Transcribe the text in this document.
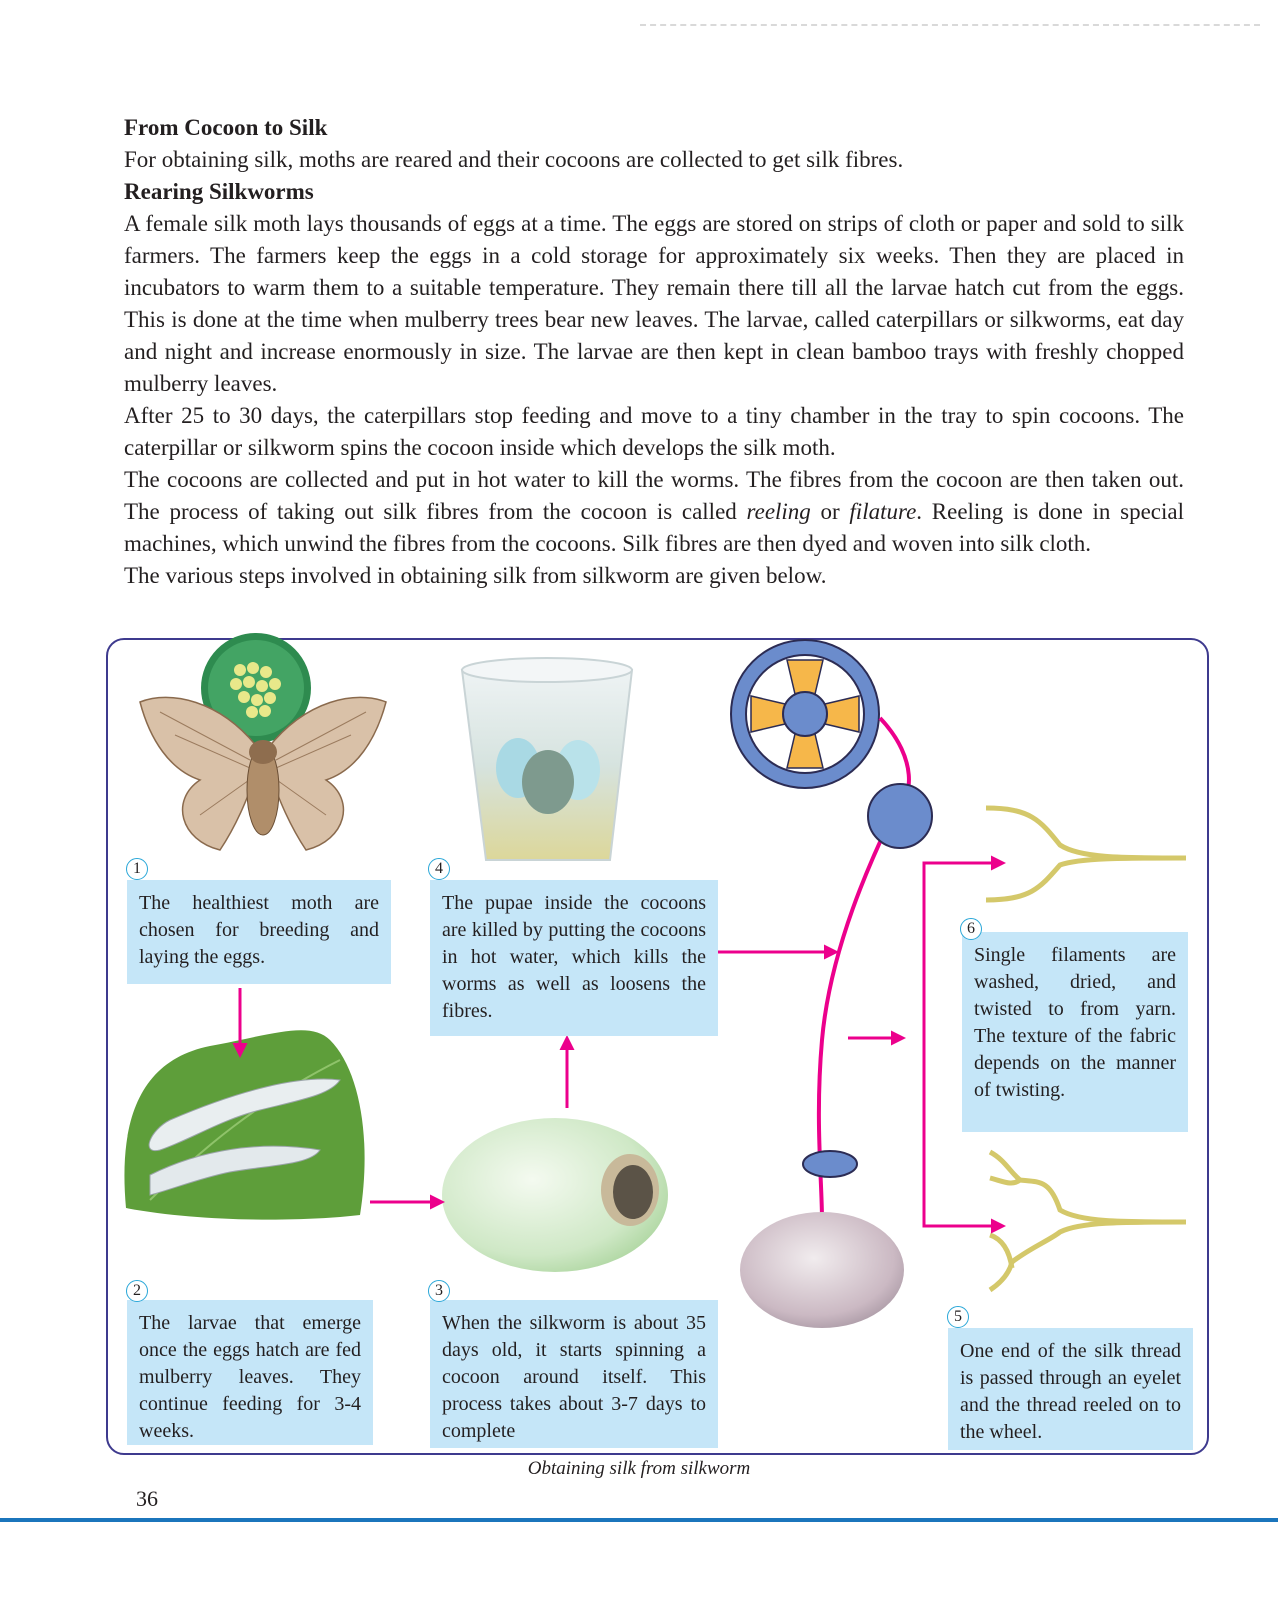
From Cocoon to Silk

For obtaining silk, moths are reared and their cocoons are collected to get silk fibres.

Rearing Silkworms

A female silk moth lays thousands of eggs at a time. The eggs are stored on strips of cloth or paper and sold to silk farmers. The farmers keep the eggs in a cold storage for approximately six weeks. Then they are placed in incubators to warm them to a suitable temperature. They remain there till all the larvae hatch cut from the eggs. This is done at the time when mulberry trees bear new leaves. The larvae, called caterpillars or silkworms, eat day and night and increase enormously in size. The larvae are then kept in clean bamboo trays with freshly chopped mulberry leaves.

After 25 to 30 days, the caterpillars stop feeding and move to a tiny chamber in the tray to spin cocoons. The caterpillar or silkworm spins the cocoon inside which develops the silk moth.

The cocoons are collected and put in hot water to kill the worms. The fibres from the cocoon are then taken out. The process of taking out silk fibres from the cocoon is called reeling or filature. Reeling is done in special machines, which unwind the fibres from the cocoons. Silk fibres are then dyed and woven into silk cloth.

The various steps involved in obtaining silk from silkworm are given below.

The healthiest moth are chosen for breeding and laying the eggs.
1
The larvae that emerge once the eggs hatch are fed mulberry leaves. They continue feeding for 3-4 weeks.
2
When the silkworm is about 35 days old, it starts spinning a cocoon around itself. This process takes about 3-7 days to complete
3
The pupae inside the cocoons are killed by putting the cocoons in hot water, which kills the worms as well as loosens the fibres.
4
One end of the silk thread is passed through an eyelet and the thread reeled on to the wheel.
5
Single filaments are washed, dried, and twisted to from yarn. The texture of the fabric depends on the manner of twisting.
6
Obtaining silk from silkworm
36
